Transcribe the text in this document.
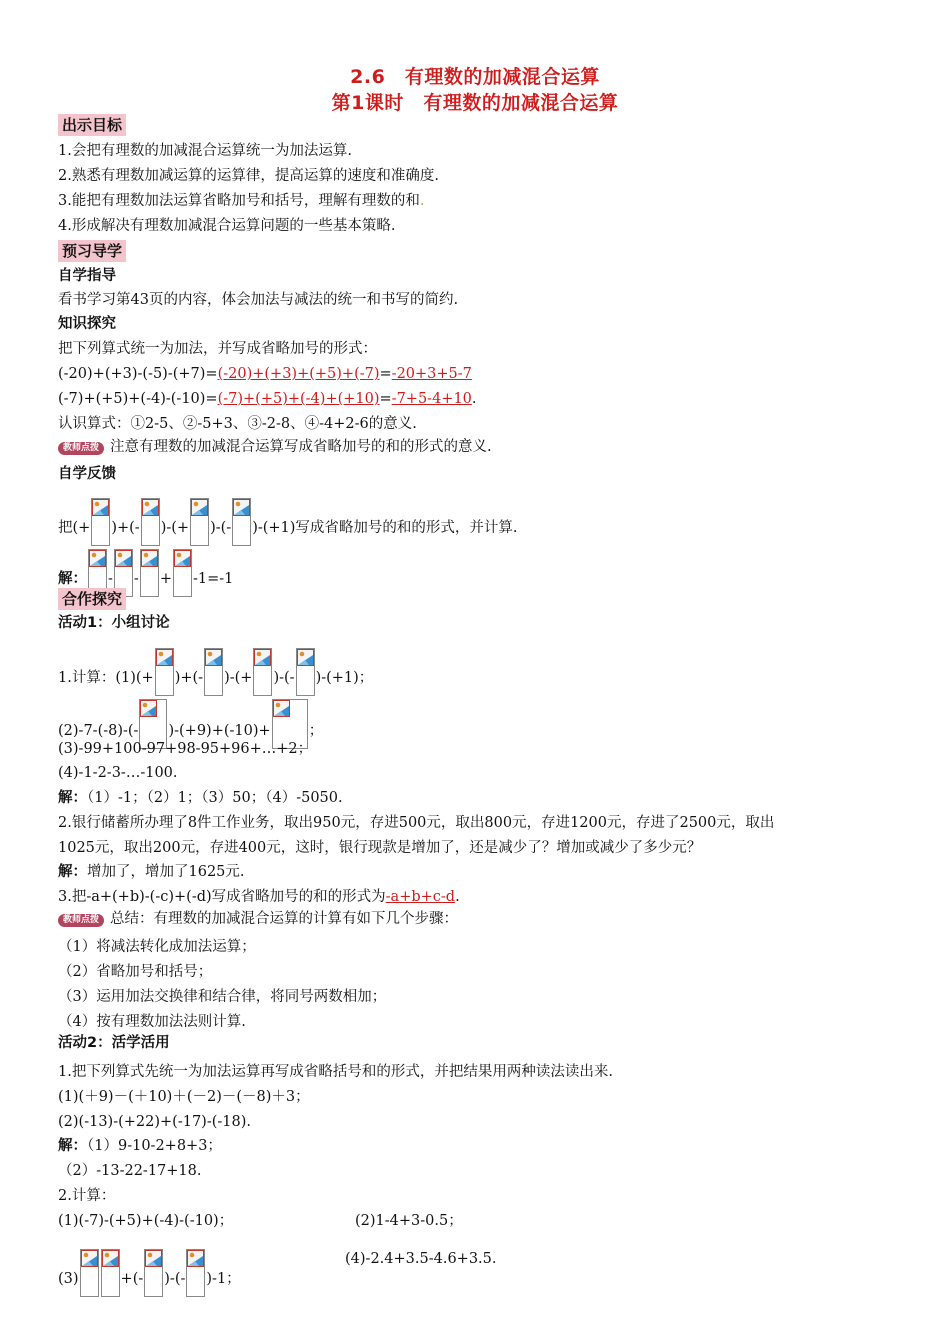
2.6　有理数的加减混合运算
第1课时　有理数的加减混合运算
出示目标
1.会把有理数的加减混合运算统一为加法运算.
2.熟悉有理数加减运算的运算律，提高运算的速度和准确度.
3.能把有理数加法运算省略加号和括号，理解有理数的和.
4.形成解决有理数加减混合运算问题的一些基本策略.
预习导学
自学指导
看书学习第43页的内容，体会加法与减法的统一和书写的简约.
知识探究
把下列算式统一为加法，并写成省略加号的形式：
(-20)+(+3)-(-5)-(+7)=(-20)+(+3)+(+5)+(-7)=-20+3+5-7
(-7)+(+5)+(-4)-(-10)=(-7)+(+5)+(-4)+(+10)=-7+5-4+10.
认识算式：①2-5、②-5+3、③-2-8、④-4+2-6的意义.
教师点拨 注意有理数的加减混合运算写成省略加号的和的形式的意义.
自学反馈
把(+ )+(- )-(+ )-(- )-(+1)写成省略加号的和的形式，并计算.
解： - - + -1=-1
合作探究
活动1：小组讨论
1.计算：(1)(+ )+(- )-(+ )-(- )-(+1)；
(2)-7-(-8)-(- )-(+9)+(-10)+	；
(3)-99+100-97+98-95+96+…+2；
(4)-1-2-3-…-100.
解：（1）-1；（2）1；（3）50；（4）-5050.
2.银行储蓄所办理了8件工作业务，取出950元，存进500元，取出800元，存进1200元，存进了2500元，取出
1025元，取出200元，存进400元，这时，银行现款是增加了，还是减少了？增加或减少了多少元？
解：增加了，增加了1625元.
3.把-a+(+b)-(-c)+(-d)写成省略加号的和的形式为-a+b+c-d.
教师点拨 总结：有理数的加减混合运算的计算有如下几个步骤：
（1）将减法转化成加法运算；
（2）省略加号和括号；
（3）运用加法交换律和结合律，将同号两数相加；
（4）按有理数加法法则计算.
活动2：活学活用
1.把下列算式先统一为加法运算再写成省略括号和的形式，并把结果用两种读法读出来.
(1)(＋9)－(＋10)＋(－2)－(－8)＋3；
(2)(-13)-(+22)+(-17)-(-18).
解：（1）9-10-2+8+3；
（2）-13-22-17+18.
2.计算：
(1)(-7)-(+5)+(-4)-(-10)；	(2)1-4+3-0.5；
(3)	+(- )-(- )-1；
(4)-2.4+3.5-4.6+3.5.
